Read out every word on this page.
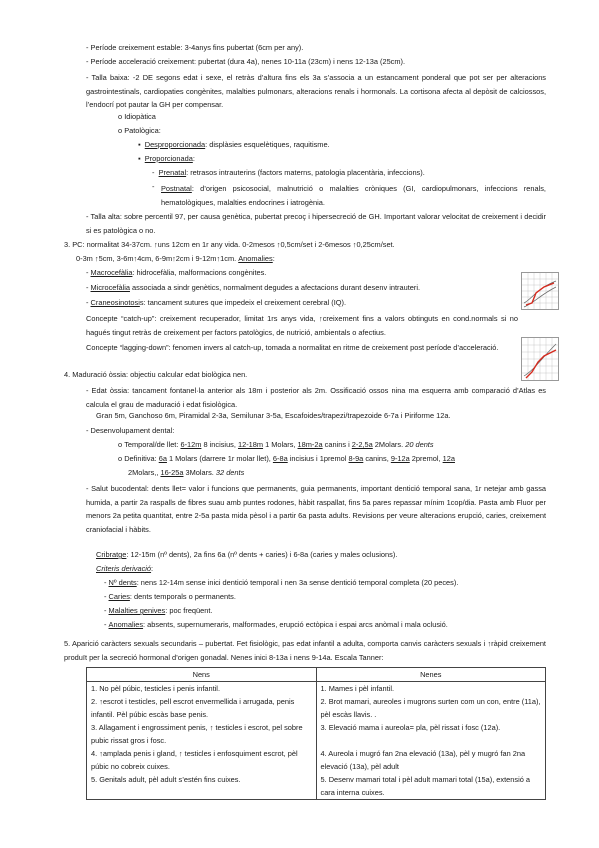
- Període creixement estable: 3-4anys fins pubertat (6cm per any).
- Període acceleració creixement: pubertat (dura 4a), nenes 10-11a (23cm) i nens 12-13a (25cm).
- Talla baixa: -2 DE segons edat i sexe, el retràs d’altura fins els 3a s’associa a un estancament ponderal que pot ser per alteracions gastrointestinals, cardiopaties congènites, malalties pulmonars, alteracions renals i hormonals. La cortisona afecta al depòsit de calciossos, l’endocrí pot pautar la GH per compensar.
o Idiopàtica
o Patològica:
▪ Desproporcionada: displàsies esquelètiques, raquitisme.
▪ Proporcionada:
- Prenatal: retrasos intrauterins (factors materns, patologia placentària, infeccions).
- Postnatal: d’origen psicosocial, malnutrició o malalties cròniques (GI, cardiopulmonars, infeccions renals, hematològiques, malalties endocrines i iatrogènia.
- Talla alta: sobre percentil 97, per causa genètica, pubertat precoç i hipersecreció de GH. Important valorar velocitat de creixement i decidir si es patològica o no.
3. PC: normalitat 34-37cm. ↑uns 12cm en 1r any vida. 0-2mesos ↑0,5cm/set i 2-6mesos ↑0,25cm/set.
0-3m ↑5cm, 3-6m↑4cm, 6-9m↑2cm i 9-12m↑1cm. Anomalies:
- Macrocefàlia: hidrocefàlia, malformacions congènites.
- Microcefàlia associada a sindr genètics, normalment degudes a afectacions durant desenv intrauteri.
- Craneosinotosis: tancament sutures que impedeix el creixement cerebral (IQ).
Concepte “catch-up”: creixement recuperador, limitat 1rs anys vida, ↑creixement fins a valors obtinguts en cond.normals si no hagués tingut retràs de creixement per factors patològics, de nutrició, ambientals o afectius.
Concepte “lagging-down”: fenomen invers al catch-up, tomada a normalitat en ritme de creixement post període d’acceleració.
4. Maduració òssia: objectiu calcular edat biològica nen.
- Edat òssia: tancament fontanel·la anterior als 18m i posterior als 2m. Ossificació ossos nina ma esquerra amb comparació d’Atlas es calcula el grau de maduració i edat fisiològica.
Gran 5m, Ganchoso 6m, Piramidal 2-3a, Semilunar 3-5a, Escafoides/trapezi/trapezoide 6-7a i Piriforme 12a.
- Desenvolupament dental:
o Temporal/de llet: 6-12m 8 incisius, 12-18m 1 Molars, 18m-2a canins i 2-2,5a 2Molars. 20 dents
o Definitiva: 6a 1 Molars (darrere 1r molar llet), 6-8a incisius i 1premol 8-9a canins, 9-12a 2premol, 12a
2Molars,, 16-25a 3Molars. 32 dents
- Salut bucodental: dents llet= valor i funcions que permanents, guia permanents, important dentició temporal sana, 1r netejar amb gassa humida, a partir 2a raspalls de fibres suau amb puntes rodones, hàbit raspallat, fins 5a pares repassar mínim 1cop/dia. Pasta amb Fluor per menors 2a petita quantitat, entre 2-5a pasta mida pèsol i a partir 6a pasta adults. Revisions per veure alteracions erupció, caries, creixement craniofacial i hàbits.
Cribratge: 12-15m (nº dents), 2a fins 6a (nº dents + caries) i 6-8a (caries y males oclusions).
Criteris derivació:
- Nº dents: nens 12-14m sense inici dentició temporal i nen 3a sense dentició temporal completa (20 peces).
- Caries: dents temporals o permanents.
- Malalties genives: poc freqüent.
- Anomalies: absents, supernumeraris, malformades, erupció ectòpica i espai arcs anòmal i mala oclusió.
5. Aparició caràcters sexuals secundaris – pubertat. Fet fisiològic, pas edat infantil a adulta, comporta canvis caràcters sexuals i ↑ràpid creixement produït per la secreció hormonal d’origen gonadal. Nenes inici 8-13a i nens 9-14a. Escala Tanner:
Nens	Nenes
1. No pèl púbic, testicles i penis infantil.	1. Mames i pèl infantil.
2. ↑escrot i testicles, pell escrot envermellida i arrugada, penis infantil. Pèl púbic escàs base penis.	2. Brot mamari, aureoles i mugrons surten com un con, entre (11a), pèl escàs llavis. .
3. Allagament i engrossiment penis, ↑ testicles i escrot, pel sobre pubic rissat gros i fosc.	3. Elevació mama i aureola= pla, pèl rissat i fosc (12a).
4. ↑amplada penis i gland, ↑ testicles i enfosquiment escrot, pèl púbic no cobreix cuixes.	4. Aureola i mugró fan 2na elevació (13a), pèl y mugró fan 2na elevació (13a), pèl adult
5. Genitals adult, pèl adult s’estén fins cuixes.	5. Desenv mamari total i pèl adult mamari total (15a), extensió a cara interna cuixes.
